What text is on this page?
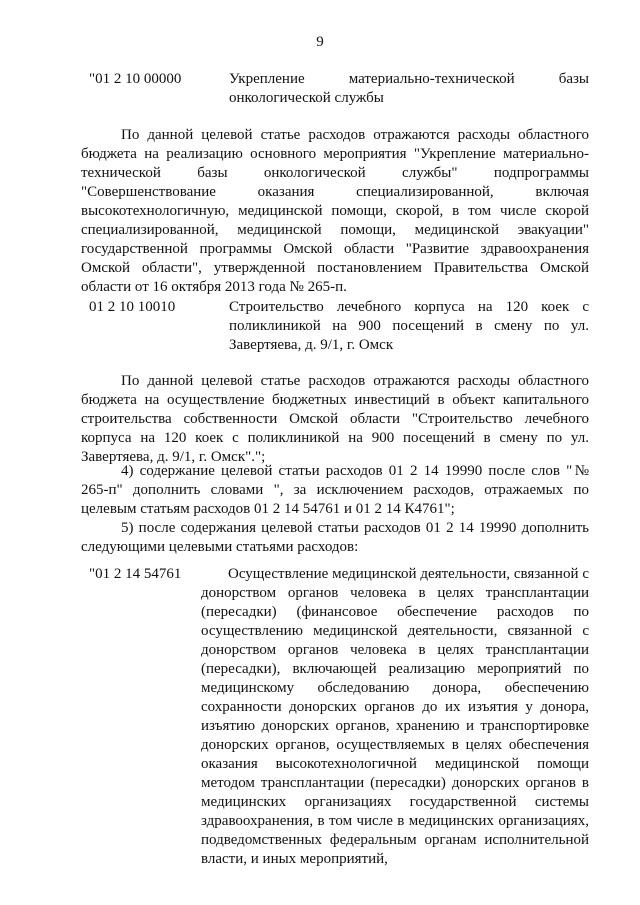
9
"01 2 10 00000	Укрепление материально-технической базы онкологической службы
По данной целевой статье расходов отражаются расходы областного бюджета на реализацию основного мероприятия "Укрепление материально-технической базы онкологической службы" подпрограммы "Совершенствование оказания специализированной, включая высокотехнологичную, медицинской помощи, скорой, в том числе скорой специализированной, медицинской помощи, медицинской эвакуации" государственной программы Омской области "Развитие здравоохранения Омской области", утвержденной постановлением Правительства Омской области от 16 октября 2013 года № 265-п.
01 2 10 10010	Строительство лечебного корпуса на 120 коек с поликлиникой на 900 посещений в смену по ул. Завертяева, д. 9/1, г. Омск
По данной целевой статье расходов отражаются расходы областного бюджета на осуществление бюджетных инвестиций в объект капитального строительства собственности Омской области "Строительство лечебного корпуса на 120 коек с поликлиникой на 900 посещений в смену по ул. Завертяева, д. 9/1, г. Омск".";
4) содержание целевой статьи расходов 01 2 14 19990 после слов "№ 265-п" дополнить словами ", за исключением расходов, отражаемых по целевым статьям расходов 01 2 14 54761 и 01 2 14 К4761";
5) после содержания целевой статьи расходов 01 2 14 19990 дополнить следующими целевыми статьями расходов:
"01 2 14 54761	Осуществление медицинской деятельности, связанной с донорством органов человека в целях трансплантации (пересадки) (финансовое обеспечение расходов по осуществлению медицинской деятельности, связанной с донорством органов человека в целях трансплантации (пересадки), включающей реализацию мероприятий по медицинскому обследованию донора, обеспечению сохранности донорских органов до их изъятия у донора, изъятию донорских органов, хранению и транспортировке донорских органов, осуществляемых в целях обеспечения оказания высокотехнологичной медицинской помощи методом трансплантации (пересадки) донорских органов в медицинских организациях государственной системы здравоохранения, в том числе в медицинских организациях, подведомственных федеральным органам исполнительной власти, и иных мероприятий,
